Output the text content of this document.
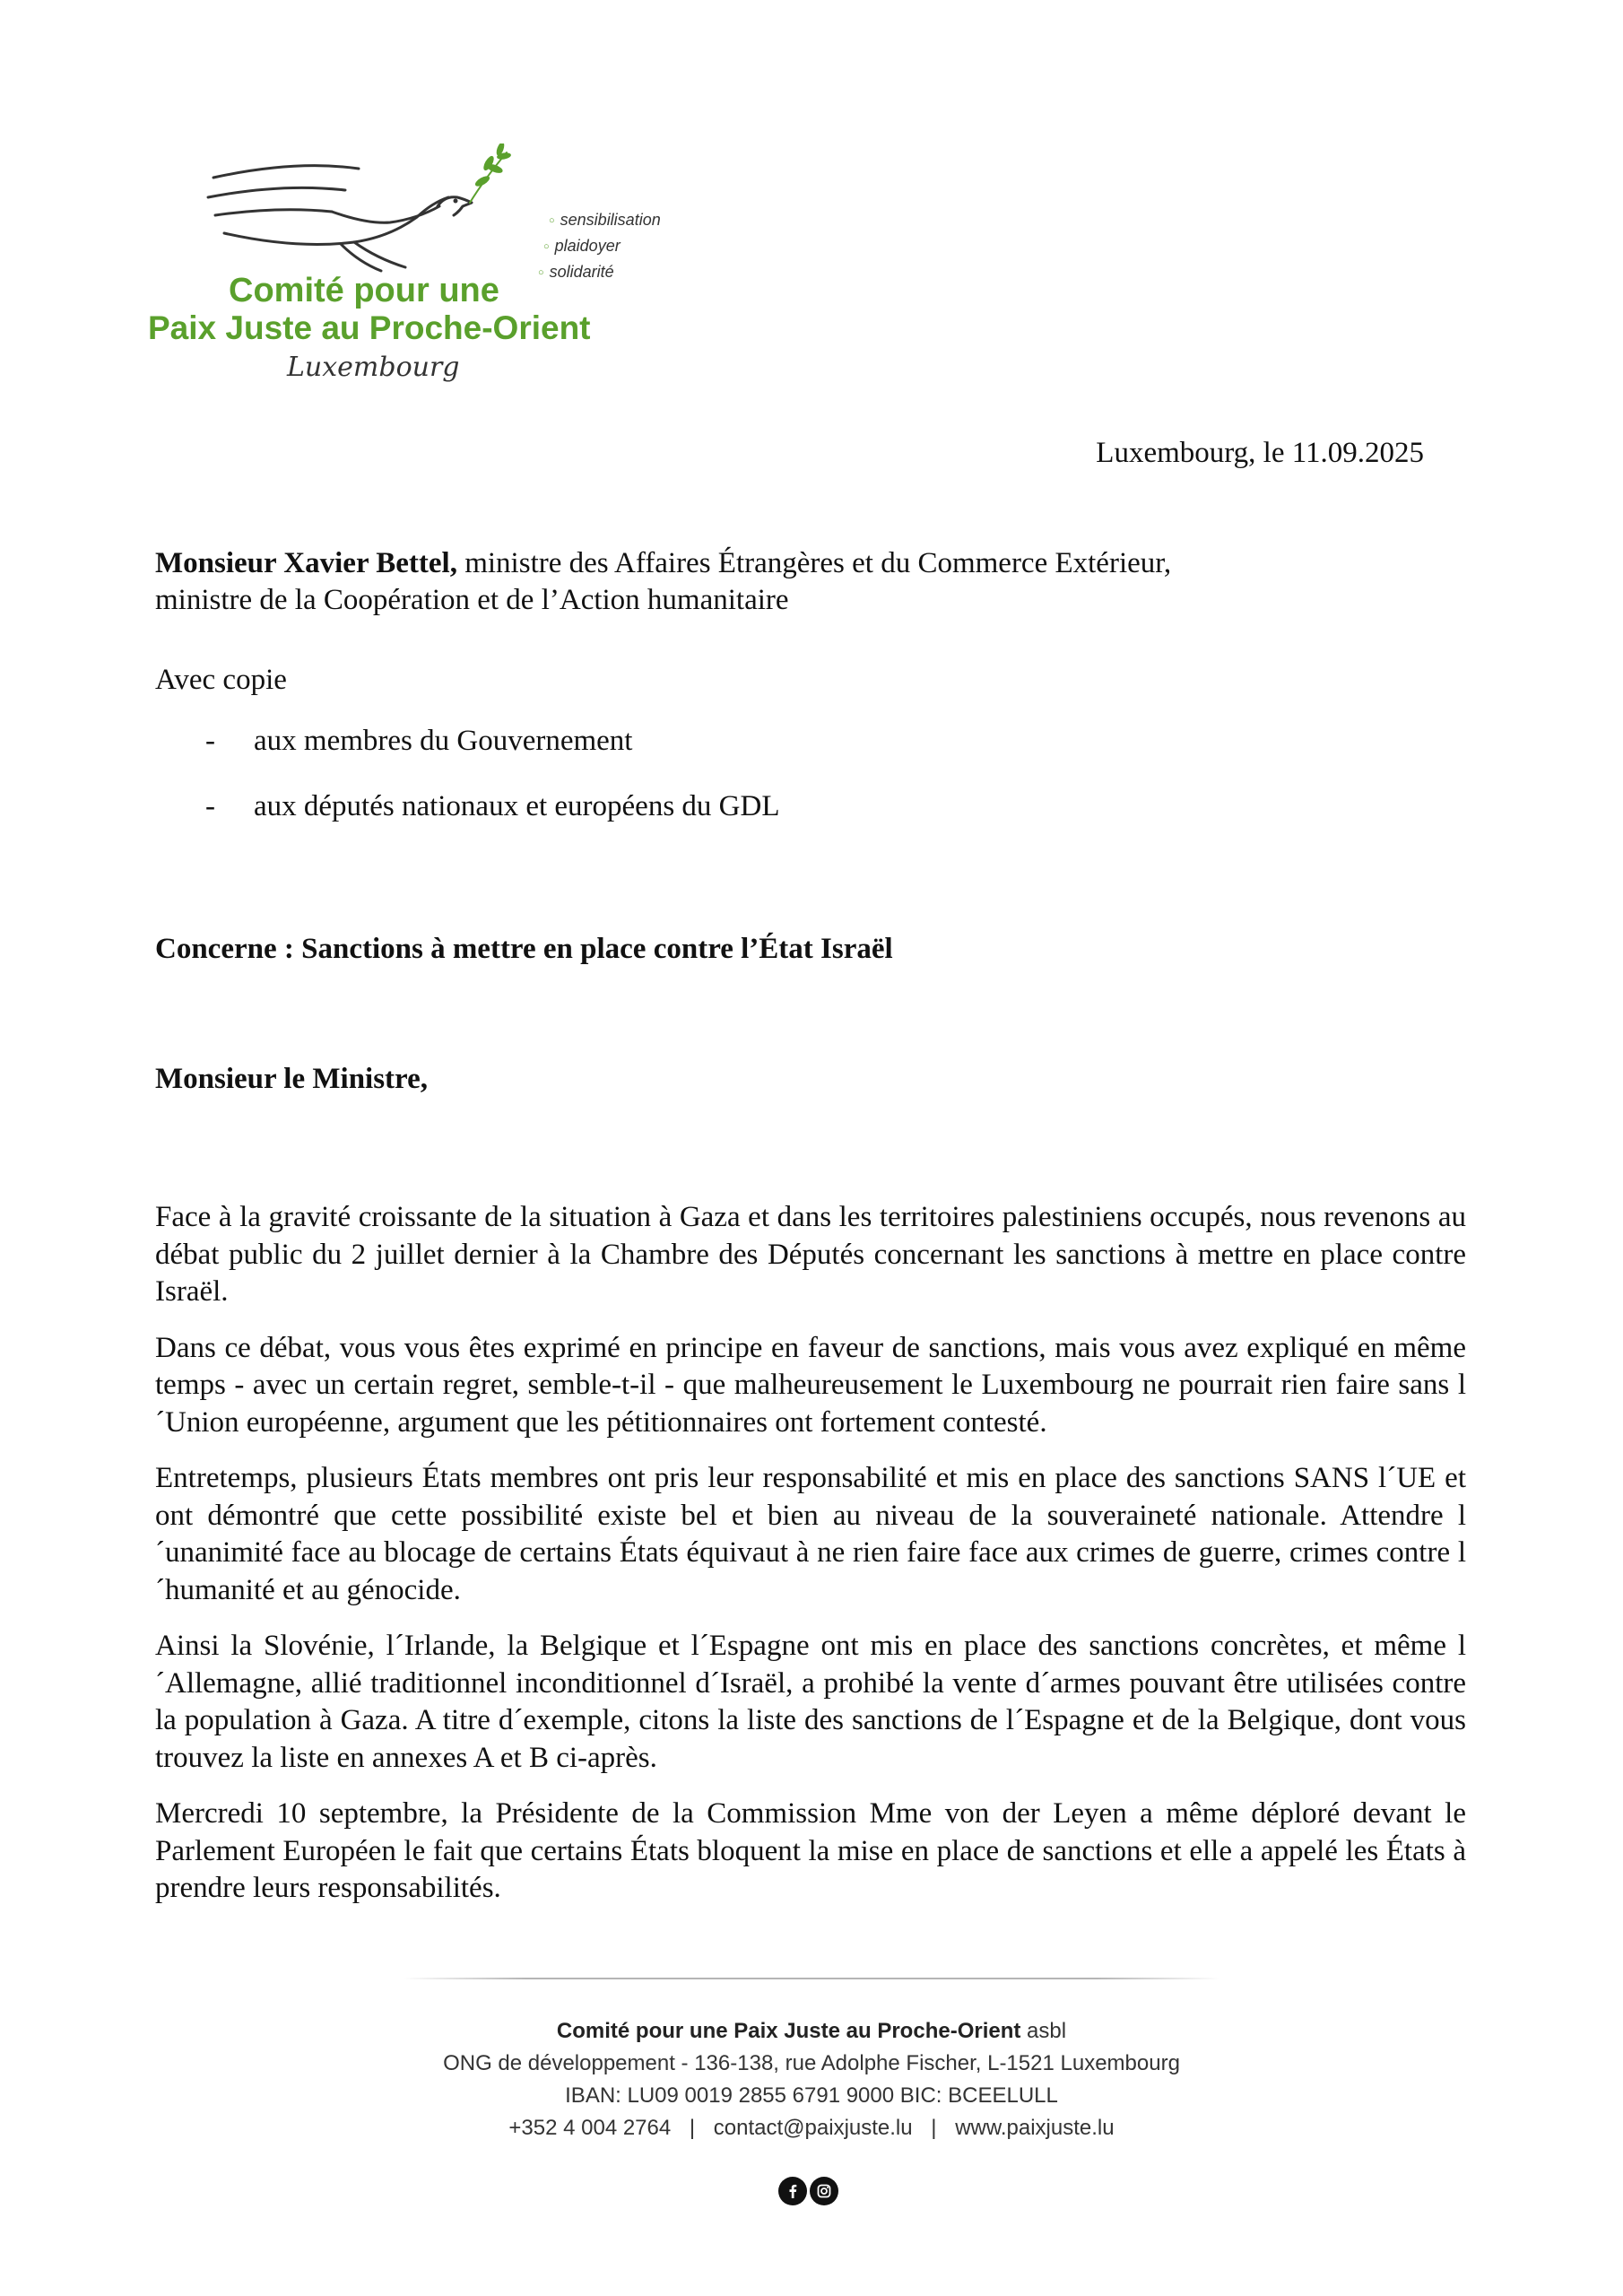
○ sensibilisation
○ plaidoyer
○ solidarité
Comité pour une
Paix Juste au Proche-Orient
Luxembourg
Luxembourg, le 11.09.2025
Monsieur Xavier Bettel, ministre des Affaires Étrangères et du Commerce Extérieur,
ministre de la Coopération et de l’Action humanitaire
Avec copie
- aux membres du Gouvernement
- aux députés nationaux et européens du GDL
Concerne : Sanctions à mettre en place contre l’État Israël
Monsieur le Ministre,

Face à la gravité croissante de la situation à Gaza et dans les territoires palestiniens occupés, nous revenons au débat public du 2 juillet dernier à la Chambre des Députés concernant les sanctions à mettre en place contre Israël.

Dans ce débat, vous vous êtes exprimé en principe en faveur de sanctions, mais vous avez expliqué en même temps - avec un certain regret, semble-t-il - que malheureusement le Luxembourg ne pourrait rien faire sans l´Union européenne, argument que les pétitionnaires ont fortement contesté.

Entretemps, plusieurs États membres ont pris leur responsabilité et mis en place des sanctions SANS l´UE et ont démontré que cette possibilité existe bel et bien au niveau de la souveraineté nationale. Attendre l´unanimité face au blocage de certains États équivaut à ne rien faire face aux crimes de guerre, crimes contre l´humanité et au génocide.

Ainsi la Slovénie, l´Irlande, la Belgique et l´Espagne ont mis en place des sanctions concrètes, et même l´Allemagne, allié traditionnel inconditionnel d´Israël, a prohibé la vente d´armes pouvant être utilisées contre la population à Gaza. A titre d´exemple, citons la liste des sanctions de l´Espagne et de la Belgique, dont vous trouvez la liste en annexes A et B ci-après.

Mercredi 10 septembre, la Présidente de la Commission Mme von der Leyen a même déploré devant le Parlement Européen le fait que certains États bloquent la mise en place de sanctions et elle a appelé les États à prendre leurs responsabilités.

Comité pour une Paix Juste au Proche-Orient asbl
ONG de développement - 136-138, rue Adolphe Fischer, L-1521 Luxembourg
IBAN: LU09 0019 2855 6791 9000 BIC: BCEELULL
+352 4 004 2764 | contact@paixjuste.lu | www.paixjuste.lu
